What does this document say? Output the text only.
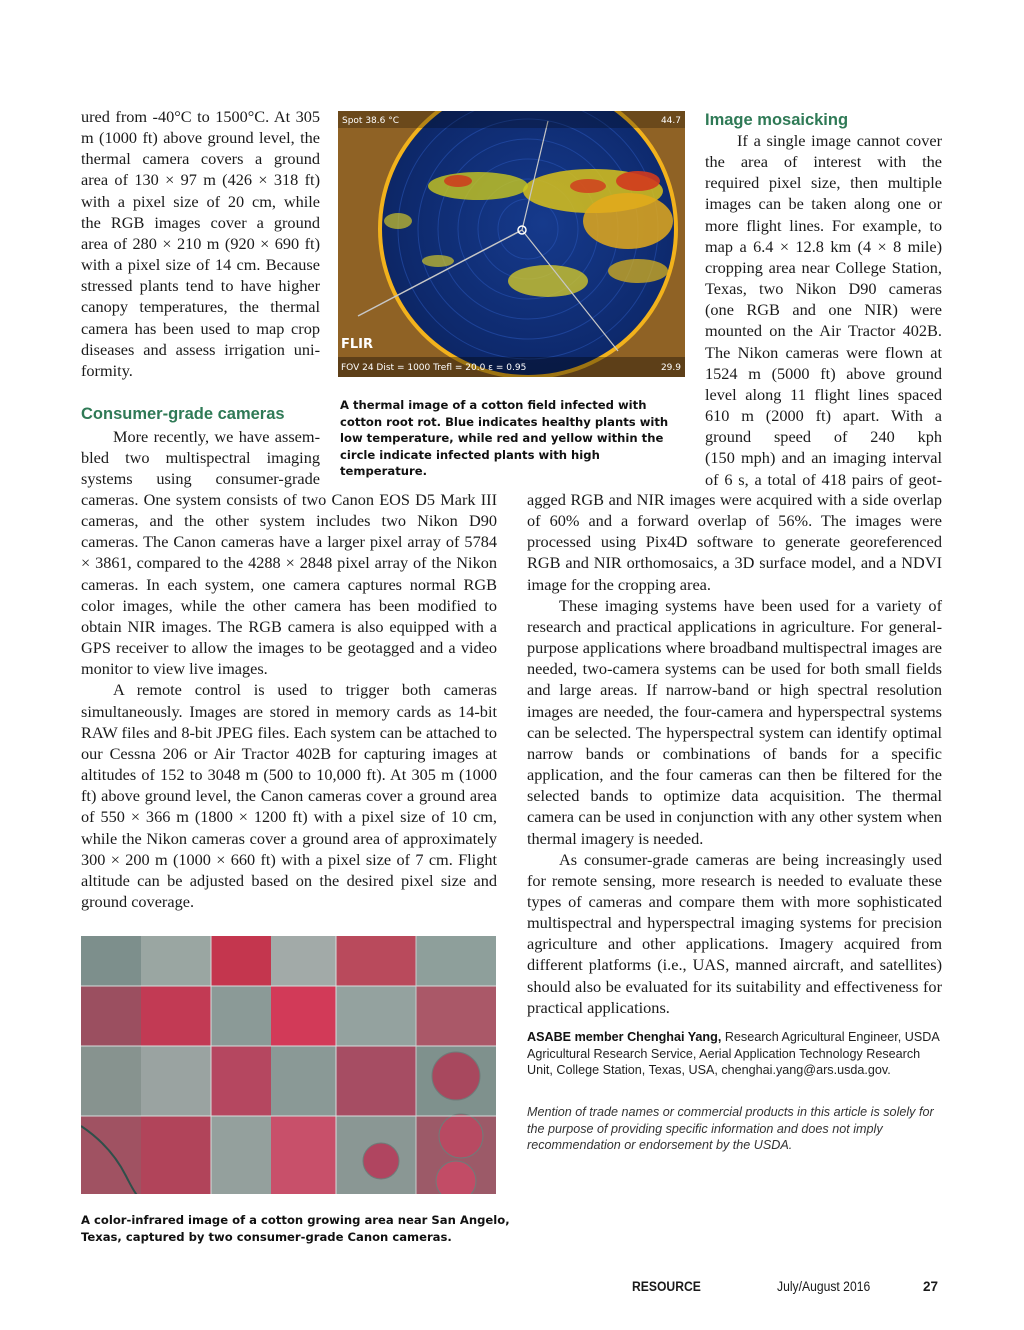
ured from -40°C to 1500°C. At 305
m (1000 ft) above ground level, the
thermal camera covers a ground
area of 130 × 97 m (426 × 318 ft)
with a pixel size of 20 cm, while
the RGB images cover a ground
area of 280 × 210 m (920 × 690 ft)
with a pixel size of 14 cm. Because
stressed plants tend to have higher
canopy temperatures, the thermal
camera has been used to map crop
diseases and assess irrigation uni-
formity.
Consumer-grade cameras
More recently, we have assem-
bled two multispectral imaging
systems using consumer-grade

cameras. One system consists of two Canon EOS D5 Mark III cameras, and the other system includes two Nikon D90 cameras. The Canon cameras have a larger pixel array of 5784 × 3861, compared to the 4288 × 2848 pixel array of the Nikon cameras. In each system, one camera captures normal RGB color images, while the other camera has been modified to obtain NIR images. The RGB camera is also equipped with a GPS receiver to allow the images to be geotagged and a video monitor to view live images.

A remote control is used to trigger both cameras simultaneously. Images are stored in memory cards as 14-bit RAW files and 8-bit JPEG files. Each system can be attached to our Cessna 206 or Air Tractor 402B for capturing images at altitudes of 152 to 3048 m (500 to 10,000 ft). At 305 m (1000 ft) above ground level, the Canon cameras cover a ground area of 550 × 366 m (1800 × 1200 ft) with a pixel size of 10 cm, while the Nikon cameras cover a ground area of approximately 300 × 200 m (1000 × 660 ft) with a pixel size of 7 cm. Flight altitude can be adjusted based on the desired pixel size and ground coverage.

Spot 38.6 °C	44.7
FLIR
FOV 24 Dist = 1000 Trefl = 20.0 ε = 0.95	29.9
A thermal image of a cotton field infected with cotton root rot. Blue indicates healthy plants with low temperature, while red and yellow within the circle indicate infected plants with high temperature.
Image mosaicking
If a single image cannot cover
the area of interest with the
required pixel size, then multiple
images can be taken along one or
more flight lines. For example, to
map a 6.4 × 12.8 km (4 × 8 mile)
cropping area near College Station,
Texas, two Nikon D90 cameras
(one RGB and one NIR) were
mounted on the Air Tractor 402B.
The Nikon cameras were flown at
1524 m (5000 ft) above ground
level along 11 flight lines spaced
610 m (2000 ft) apart. With a
ground speed of 240 kph
(150 mph) and an imaging interval
of 6 s, a total of 418 pairs of geot-

agged RGB and NIR images were acquired with a side overlap of 60% and a forward overlap of 56%. The images were processed using Pix4D software to generate georeferenced RGB and NIR orthomosaics, a 3D surface model, and a NDVI image for the cropping area.

These imaging systems have been used for a variety of research and practical applications in agriculture. For general-purpose applications where broadband multispectral images are needed, two-camera systems can be used for both small fields and large areas. If narrow-band or high spectral resolution images are needed, the four-camera and hyperspectral systems can be selected. The hyperspectral system can identify optimal narrow bands or combinations of bands for a specific application, and the four cameras can then be filtered for the selected bands to optimize data acquisition. The thermal camera can be used in conjunction with any other system when thermal imagery is needed.

As consumer-grade cameras are being increasingly used for remote sensing, more research is needed to evaluate these types of cameras and compare them with more sophisticated multispectral and hyperspectral imaging systems for precision agriculture and other applications. Imagery acquired from different platforms (i.e., UAS, manned aircraft, and satellites) should also be evaluated for its suitability and effectiveness for practical applications.

ASABE member Chenghai Yang, Research Agricultural Engineer, USDA Agricultural Research Service, Aerial Application Technology Research Unit, College Station, Texas, USA, chenghai.yang@ars.usda.gov.
Mention of trade names or commercial products in this article is solely for the purpose of providing specific information and does not imply recommendation or endorsement by the USDA.
A color-infrared image of a cotton growing area near San Angelo,
Texas, captured by two consumer-grade Canon cameras.
RESOURCE	July/August 2016	27
